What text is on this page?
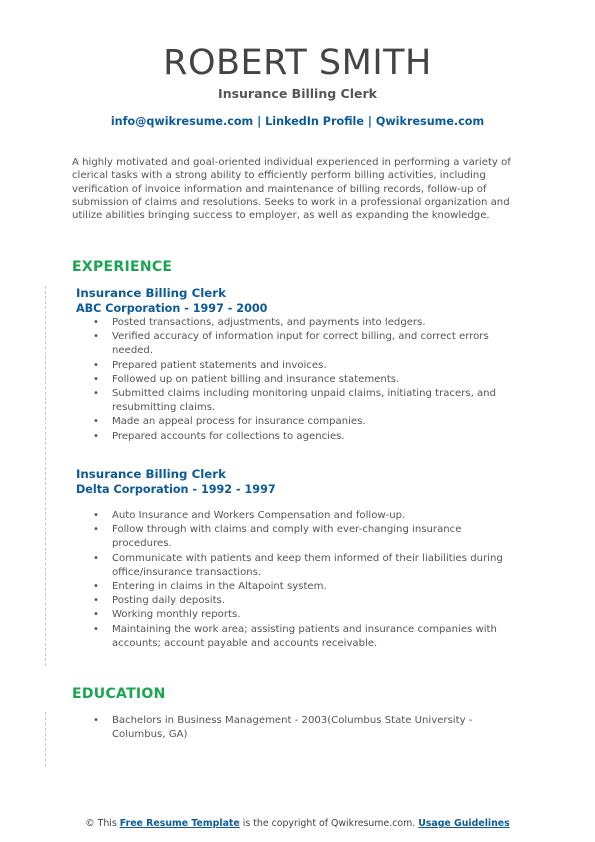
ROBERT SMITH
Insurance Billing Clerk
info@qwikresume.com | LinkedIn Profile | Qwikresume.com
A highly motivated and goal-oriented individual experienced in performing a variety of clerical tasks with a strong ability to efficiently perform billing activities, including verification of invoice information and maintenance of billing records, follow-up of submission of claims and resolutions. Seeks to work in a professional organization and utilize abilities bringing success to employer, as well as expanding the knowledge.
EXPERIENCE
Insurance Billing Clerk
ABC Corporation - 1997 - 2000
• Posted transactions, adjustments, and payments into ledgers.
• Verified accuracy of information input for correct billing, and correct errors needed.
• Prepared patient statements and invoices.
• Followed up on patient billing and insurance statements.
• Submitted claims including monitoring unpaid claims, initiating tracers, and resubmitting claims.
• Made an appeal process for insurance companies.
• Prepared accounts for collections to agencies.
Insurance Billing Clerk
Delta Corporation - 1992 - 1997
• Auto Insurance and Workers Compensation and follow-up.
• Follow through with claims and comply with ever-changing insurance procedures.
• Communicate with patients and keep them informed of their liabilities during office/insurance transactions.
• Entering in claims in the Altapoint system.
• Posting daily deposits.
• Working monthly reports.
• Maintaining the work area; assisting patients and insurance companies with accounts; account payable and accounts receivable.
EDUCATION
• Bachelors in Business Management - 2003(Columbus State University - Columbus, GA)
© This Free Resume Template is the copyright of Qwikresume.com. Usage Guidelines
